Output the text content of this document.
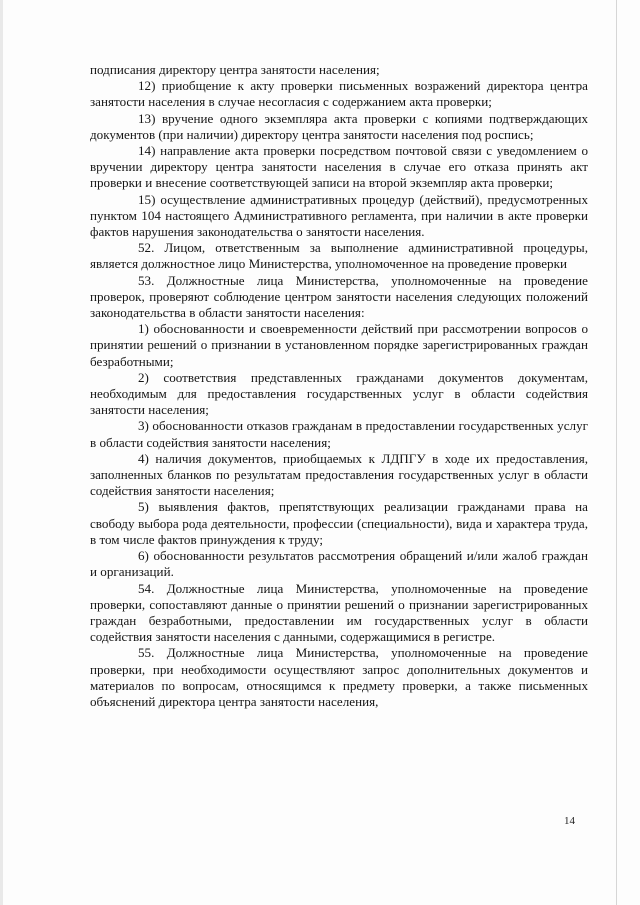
подписания директору центра занятости населения;

12) приобщение к акту проверки письменных возражений директора центра занятости населения в случае несогласия с содержанием акта проверки;

13) вручение одного экземпляра акта проверки с копиями подтверждающих документов (при наличии) директору центра занятости населения под роспись;

14) направление акта проверки посредством почтовой связи с уведомлением о вручении директору центра занятости населения в случае его отказа принять акт проверки и внесение соответствующей записи на второй экземпляр акта проверки;

15) осуществление административных процедур (действий), предусмотренных пунктом 104 настоящего Административного регламента, при наличии в акте проверки фактов нарушения законодательства о занятости населения.

52. Лицом, ответственным за выполнение административной процедуры, является должностное лицо Министерства, уполномоченное на проведение проверки

53. Должностные лица Министерства, уполномоченные на проведение проверок, проверяют соблюдение центром занятости населения следующих положений законодательства в области занятости населения:

1) обоснованности и своевременности действий при рассмотрении вопросов о принятии решений о признании в установленном порядке зарегистрированных граждан безработными;

2) соответствия представленных гражданами документов документам, необходимым для предоставления государственных услуг в области содействия занятости населения;

3) обоснованности отказов гражданам в предоставлении государственных услуг в области содействия занятости населения;

4) наличия документов, приобщаемых к ЛДПГУ в ходе их предоставления, заполненных бланков по результатам предоставления государственных услуг в области содействия занятости населения;

5) выявления фактов, препятствующих реализации гражданами права на свободу выбора рода деятельности, профессии (специальности), вида и характера труда, в том числе фактов принуждения к труду;

6) обоснованности результатов рассмотрения обращений и/или жалоб граждан и организаций.

54. Должностные лица Министерства, уполномоченные на проведение проверки, сопоставляют данные о принятии решений о признании зарегистрированных граждан безработными, предоставлении им государственных услуг в области содействия занятости населения с данными, содержащимися в регистре.

55. Должностные лица Министерства, уполномоченные на проведение проверки, при необходимости осуществляют запрос дополнительных документов и материалов по вопросам, относящимся к предмету проверки, а также письменных объяснений директора центра занятости населения,

14
